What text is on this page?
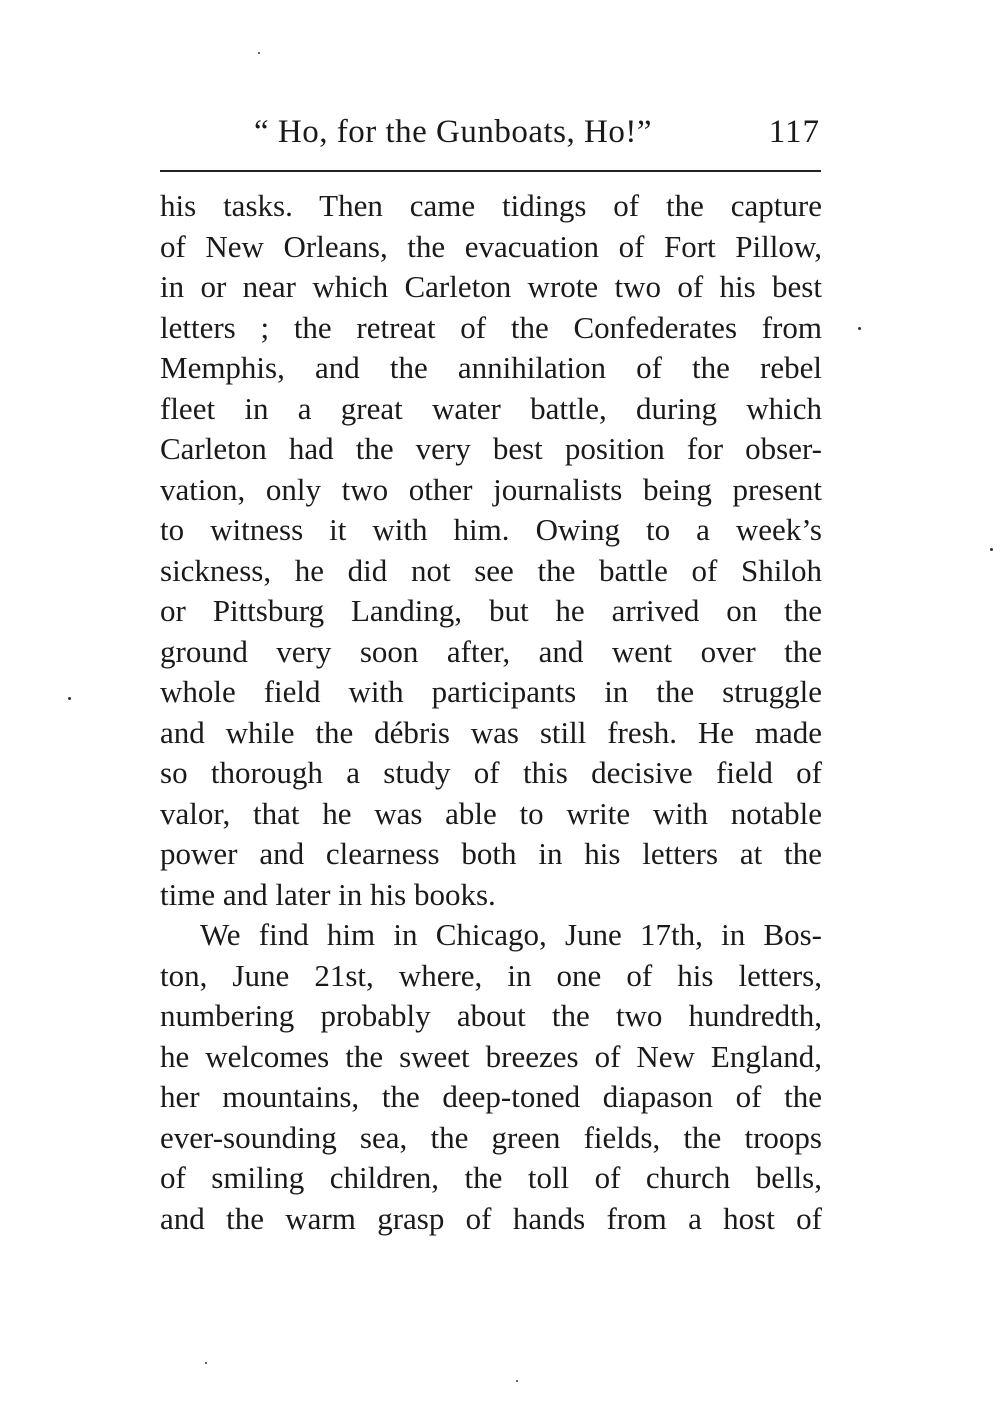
“ Ho, for the Gunboats, Ho!”	117
his tasks. Then came tidings of the capture
of New Orleans, the evacuation of Fort Pillow,
in or near which Carleton wrote two of his best
letters ; the retreat of the Confederates from
Memphis, and the annihilation of the rebel
fleet in a great water battle, during which
Carleton had the very best position for obser-
vation, only two other journalists being present
to witness it with him. Owing to a week’s
sickness, he did not see the battle of Shiloh
or Pittsburg Landing, but he arrived on the
ground very soon after, and went over the
whole field with participants in the struggle
and while the débris was still fresh. He made
so thorough a study of this decisive field of
valor, that he was able to write with notable
power and clearness both in his letters at the
time and later in his books.
We find him in Chicago, June 17th, in Bos-
ton, June 21st, where, in one of his letters,
numbering probably about the two hundredth,
he welcomes the sweet breezes of New England,
her mountains, the deep-toned diapason of the
ever-sounding sea, the green fields, the troops
of smiling children, the toll of church bells,
and the warm grasp of hands from a host of
